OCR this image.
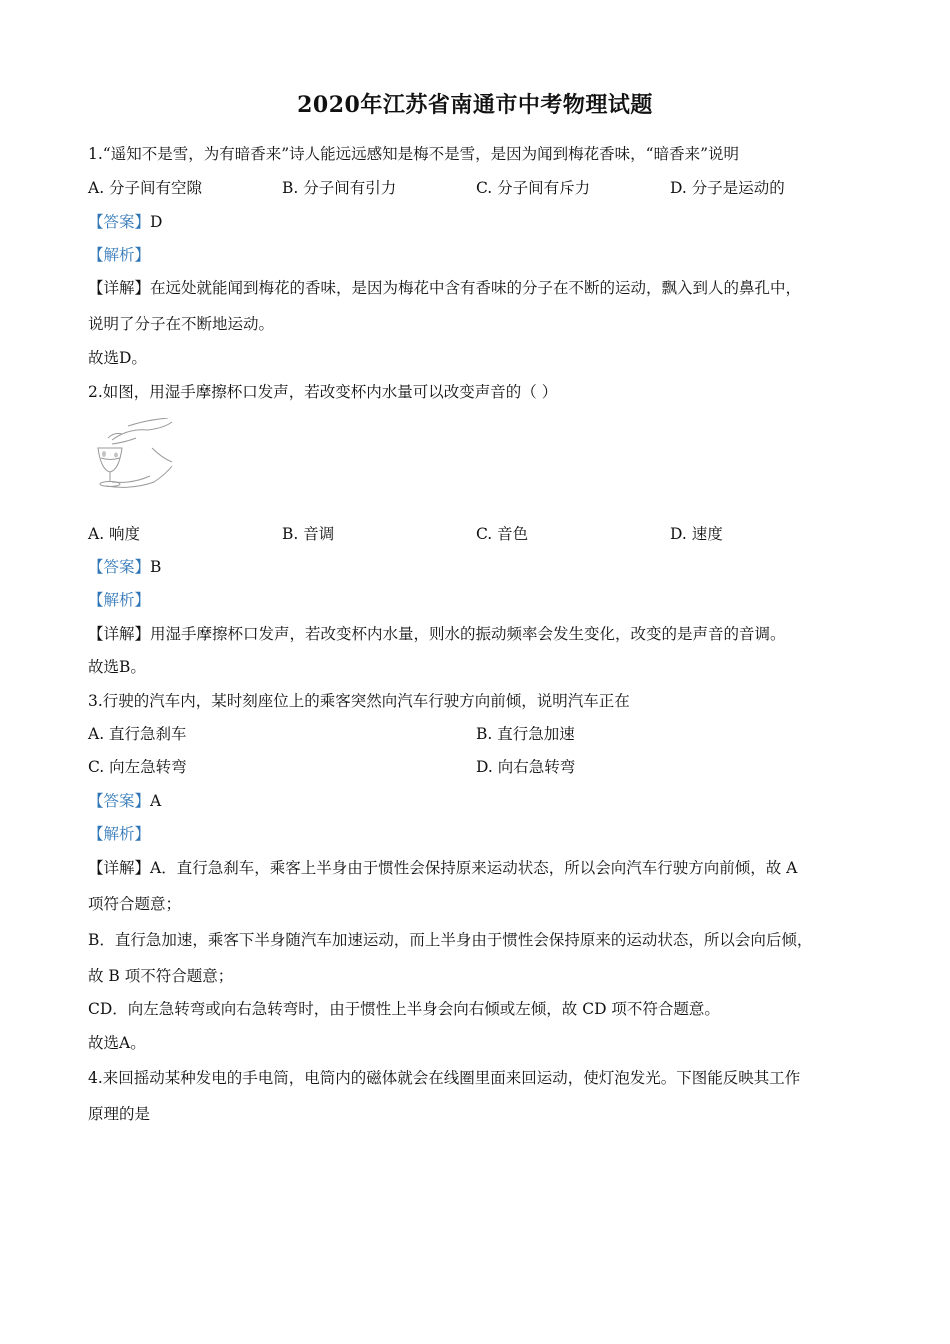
2020年江苏省南通市中考物理试题
1.“遥知不是雪，为有暗香来”诗人能远远感知是梅不是雪，是因为闻到梅花香味，“暗香来”说明
A. 分子间有空隙	B. 分子间有引力	C. 分子间有斥力	D. 分子是运动的
【答案】D
【解析】
【详解】在远处就能闻到梅花的香味，是因为梅花中含有香味的分子在不断的运动，飘入到人的鼻孔中，
说明了分子在不断地运动。
故选D。
2.如图，用湿手摩擦杯口发声，若改变杯内水量可以改变声音的（ ）
A. 响度	B. 音调	C. 音色	D. 速度
【答案】B
【解析】
【详解】用湿手摩擦杯口发声，若改变杯内水量，则水的振动频率会发生变化，改变的是声音的音调。
故选B。
3.行驶的汽车内，某时刻座位上的乘客突然向汽车行驶方向前倾，说明汽车正在
A. 直行急刹车	B. 直行急加速
C. 向左急转弯	D. 向右急转弯
【答案】A
【解析】
【详解】A．直行急刹车，乘客上半身由于惯性会保持原来运动状态，所以会向汽车行驶方向前倾，故 A
项符合题意；
B．直行急加速，乘客下半身随汽车加速运动，而上半身由于惯性会保持原来的运动状态，所以会向后倾，
故 B 项不符合题意；
CD．向左急转弯或向右急转弯时，由于惯性上半身会向右倾或左倾，故 CD 项不符合题意。
故选A。
4.来回摇动某种发电的手电筒，电筒内的磁体就会在线圈里面来回运动，使灯泡发光。下图能反映其工作
原理的是
